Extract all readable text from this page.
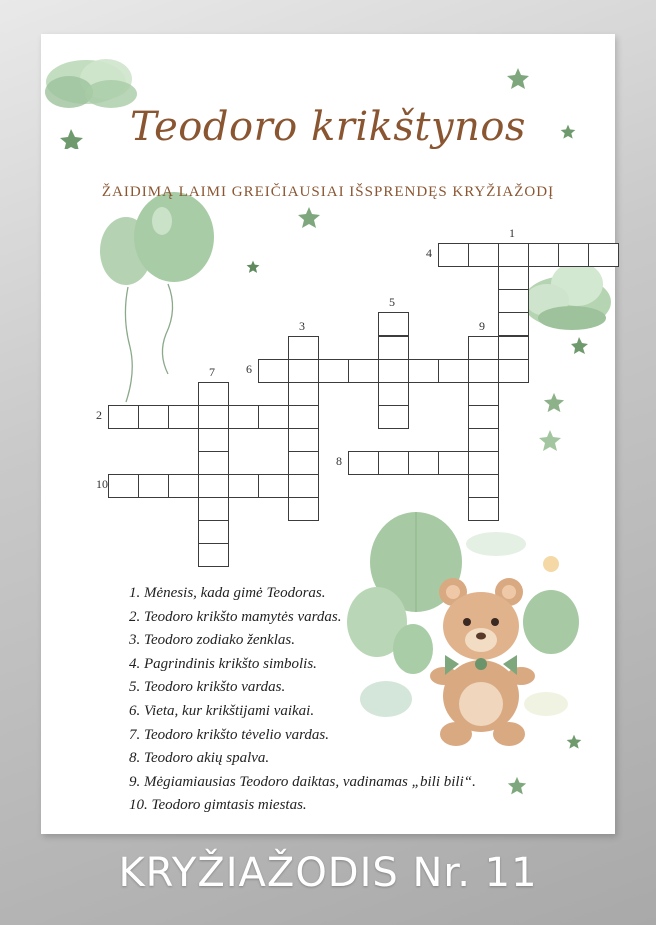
Teodoro krikštynos
ŽAIDIMĄ LAIMI GREIČIAUSIAI IŠSPRENDĘS KRYŽIAŽODĮ
1
2
3
4
5
6
7
8
9
10
1. Mėnesis, kada gimė Teodoras.
2. Teodoro krikšto mamytės vardas.
3. Teodoro zodiako ženklas.
4. Pagrindinis krikšto simbolis.
5. Teodoro krikšto vardas.
6. Vieta, kur krikštijami vaikai.
7. Teodoro krikšto tėvelio vardas.
8. Teodoro akių spalva.
9. Mėgiamiausias Teodoro daiktas, vadinamas „bili bili“.
10. Teodoro gimtasis miestas.
KRYŽIAŽODIS Nr. 11
